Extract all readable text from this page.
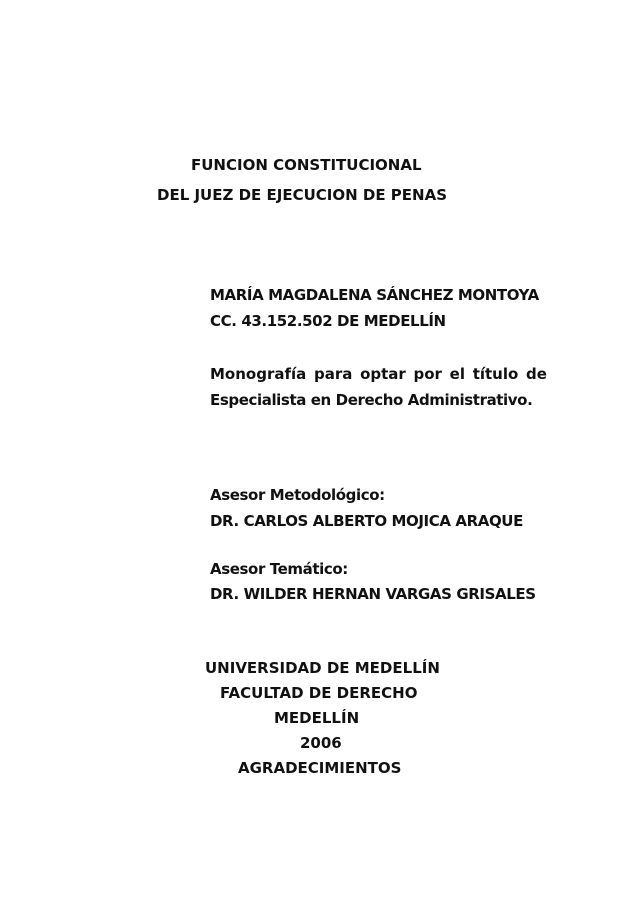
FUNCION CONSTITUCIONAL
DEL JUEZ DE EJECUCION DE PENAS
MARÍA MAGDALENA SÁNCHEZ MONTOYA
CC. 43.152.502 DE MEDELLÍN
Monografía para optar por el título de
Especialista en Derecho Administrativo.
Asesor Metodológico:
DR. CARLOS ALBERTO MOJICA ARAQUE
Asesor Temático:
DR. WILDER HERNAN VARGAS GRISALES
UNIVERSIDAD DE MEDELLÍN
FACULTAD DE DERECHO
MEDELLÍN
2006
AGRADECIMIENTOS
